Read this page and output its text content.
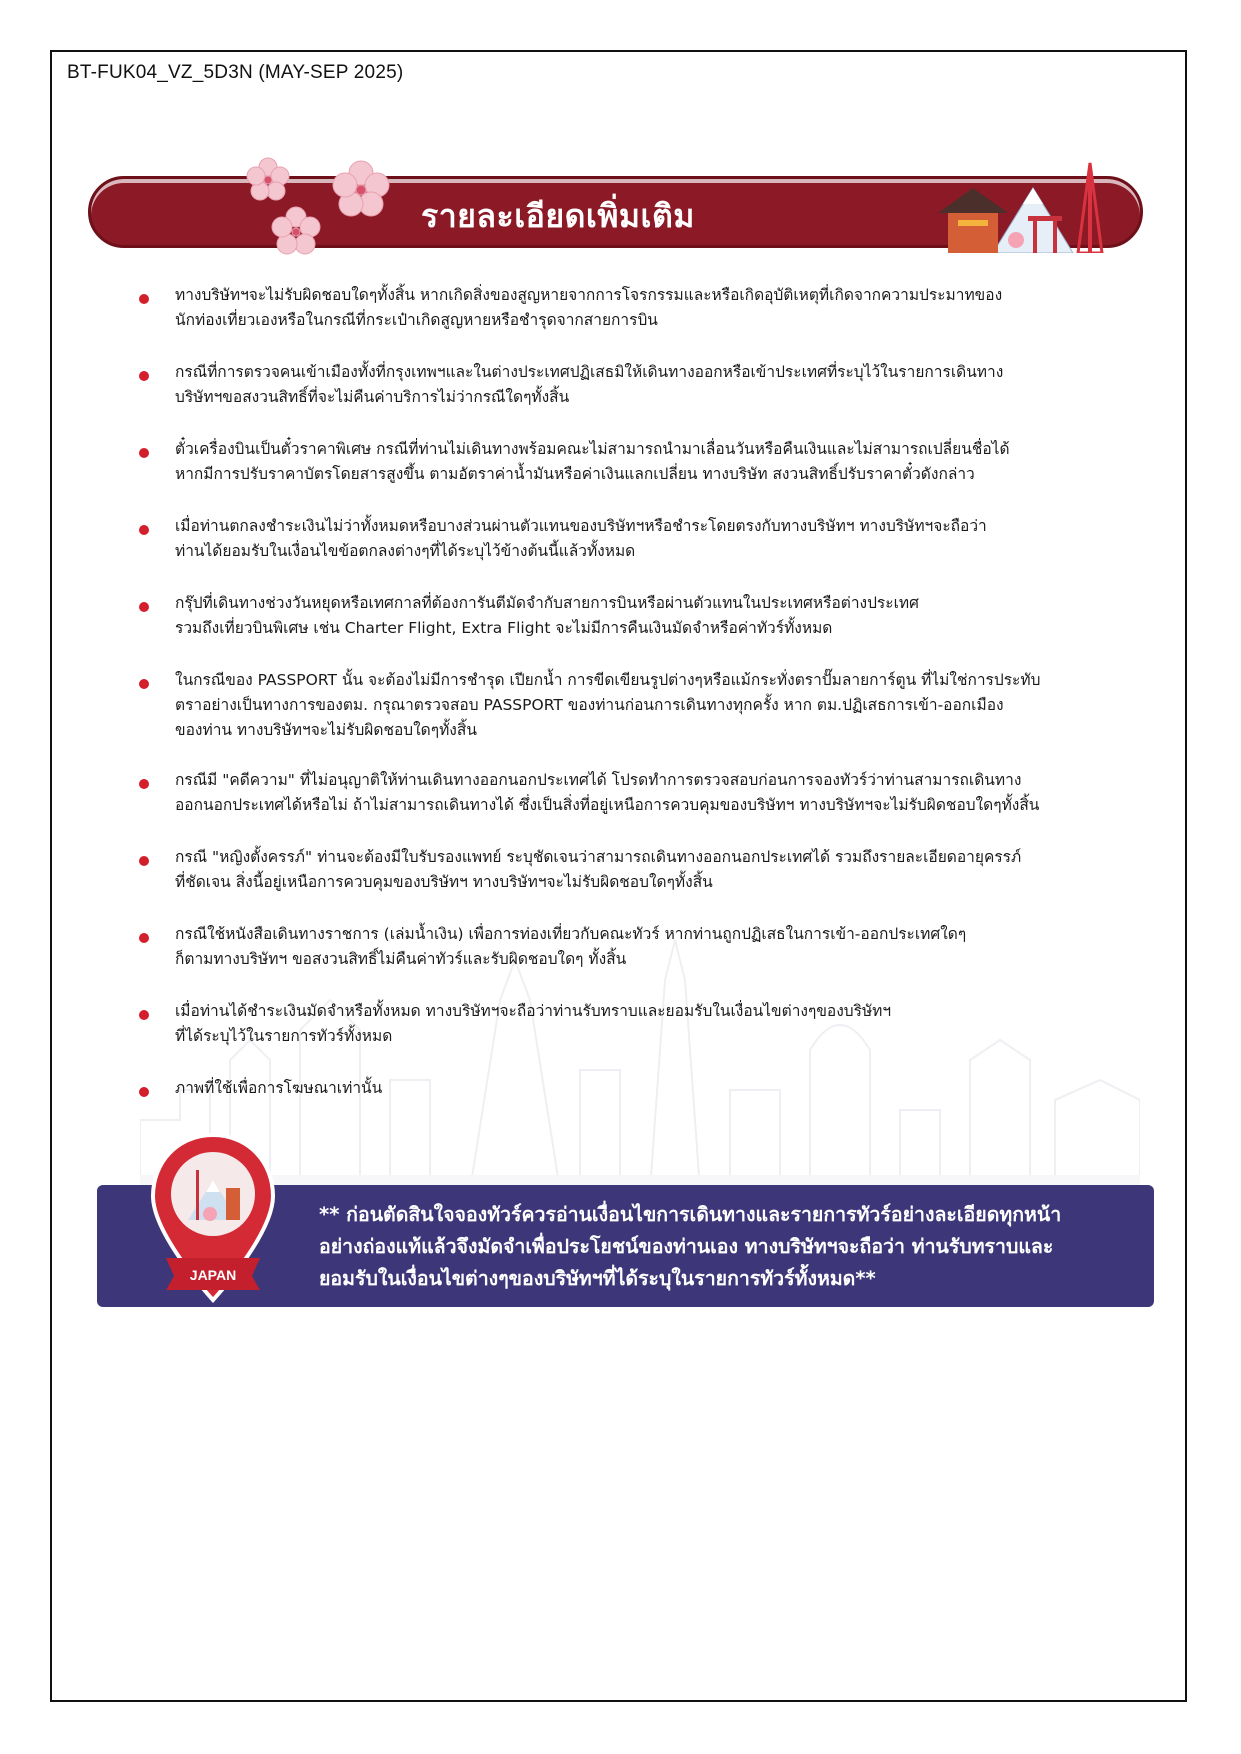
BT-FUK04_VZ_5D3N (MAY-SEP 2025)
รายละเอียดเพิ่มเติม
ทางบริษัทฯจะไม่รับผิดชอบใดๆทั้งสิ้น หากเกิดสิ่งของสูญหายจากการโจรกรรมและหรือเกิดอุบัติเหตุที่เกิดจากความประมาทของ
นักท่องเที่ยวเองหรือในกรณีที่กระเป๋าเกิดสูญหายหรือชำรุดจากสายการบิน
กรณีที่การตรวจคนเข้าเมืองทั้งที่กรุงเทพฯและในต่างประเทศปฏิเสธมิให้เดินทางออกหรือเข้าประเทศที่ระบุไว้ในรายการเดินทาง
บริษัทฯขอสงวนสิทธิ์ที่จะไม่คืนค่าบริการไม่ว่ากรณีใดๆทั้งสิ้น
ตั๋วเครื่องบินเป็นตั๋วราคาพิเศษ กรณีที่ท่านไม่เดินทางพร้อมคณะไม่สามารถนำมาเลื่อนวันหรือคืนเงินและไม่สามารถเปลี่ยนชื่อได้
หากมีการปรับราคาบัตรโดยสารสูงขึ้น ตามอัตราค่าน้ำมันหรือค่าเงินแลกเปลี่ยน ทางบริษัท สงวนสิทธิ์ปรับราคาตั๋วดังกล่าว
เมื่อท่านตกลงชำระเงินไม่ว่าทั้งหมดหรือบางส่วนผ่านตัวแทนของบริษัทฯหรือชำระโดยตรงกับทางบริษัทฯ ทางบริษัทฯจะถือว่า
ท่านได้ยอมรับในเงื่อนไขข้อตกลงต่างๆที่ได้ระบุไว้ข้างต้นนี้แล้วทั้งหมด
กรุ๊ปที่เดินทางช่วงวันหยุดหรือเทศกาลที่ต้องการันตีมัดจำกับสายการบินหรือผ่านตัวแทนในประเทศหรือต่างประเทศ
รวมถึงเที่ยวบินพิเศษ เช่น Charter Flight, Extra Flight จะไม่มีการคืนเงินมัดจำหรือค่าทัวร์ทั้งหมด
ในกรณีของ PASSPORT นั้น จะต้องไม่มีการชำรุด เปียกน้ำ การขีดเขียนรูปต่างๆหรือแม้กระทั่งตราปั๊มลายการ์ตูน ที่ไม่ใช่การประทับ
ตราอย่างเป็นทางการของตม. กรุณาตรวจสอบ PASSPORT ของท่านก่อนการเดินทางทุกครั้ง หาก ตม.ปฏิเสธการเข้า-ออกเมือง
ของท่าน ทางบริษัทฯจะไม่รับผิดชอบใดๆทั้งสิ้น
กรณีมี "คดีความ" ที่ไม่อนุญาติให้ท่านเดินทางออกนอกประเทศได้ โปรดทำการตรวจสอบก่อนการจองทัวร์ว่าท่านสามารถเดินทาง
ออกนอกประเทศได้หรือไม่ ถ้าไม่สามารถเดินทางได้ ซึ่งเป็นสิ่งที่อยู่เหนือการควบคุมของบริษัทฯ ทางบริษัทฯจะไม่รับผิดชอบใดๆทั้งสิ้น
กรณี "หญิงตั้งครรภ์" ท่านจะต้องมีใบรับรองแพทย์ ระบุชัดเจนว่าสามารถเดินทางออกนอกประเทศได้ รวมถึงรายละเอียดอายุครรภ์
ที่ชัดเจน สิ่งนี้อยู่เหนือการควบคุมของบริษัทฯ ทางบริษัทฯจะไม่รับผิดชอบใดๆทั้งสิ้น
กรณีใช้หนังสือเดินทางราชการ (เล่มน้ำเงิน) เพื่อการท่องเที่ยวกับคณะทัวร์ หากท่านถูกปฏิเสธในการเข้า-ออกประเทศใดๆ
ก็ตามทางบริษัทฯ ขอสงวนสิทธิ์ไม่คืนค่าทัวร์และรับผิดชอบใดๆ ทั้งสิ้น
เมื่อท่านได้ชำระเงินมัดจำหรือทั้งหมด ทางบริษัทฯจะถือว่าท่านรับทราบและยอมรับในเงื่อนไขต่างๆของบริษัทฯ
ที่ได้ระบุไว้ในรายการทัวร์ทั้งหมด
ภาพที่ใช้เพื่อการโฆษณาเท่านั้น
** ก่อนตัดสินใจจองทัวร์ควรอ่านเงื่อนไขการเดินทางและรายการทัวร์อย่างละเอียดทุกหน้า
อย่างถ่องแท้แล้วจึงมัดจำเพื่อประโยชน์ของท่านเอง ทางบริษัทฯจะถือว่า ท่านรับทราบและ
ยอมรับในเงื่อนไขต่างๆของบริษัทฯที่ได้ระบุในรายการทัวร์ทั้งหมด**
JAPAN
